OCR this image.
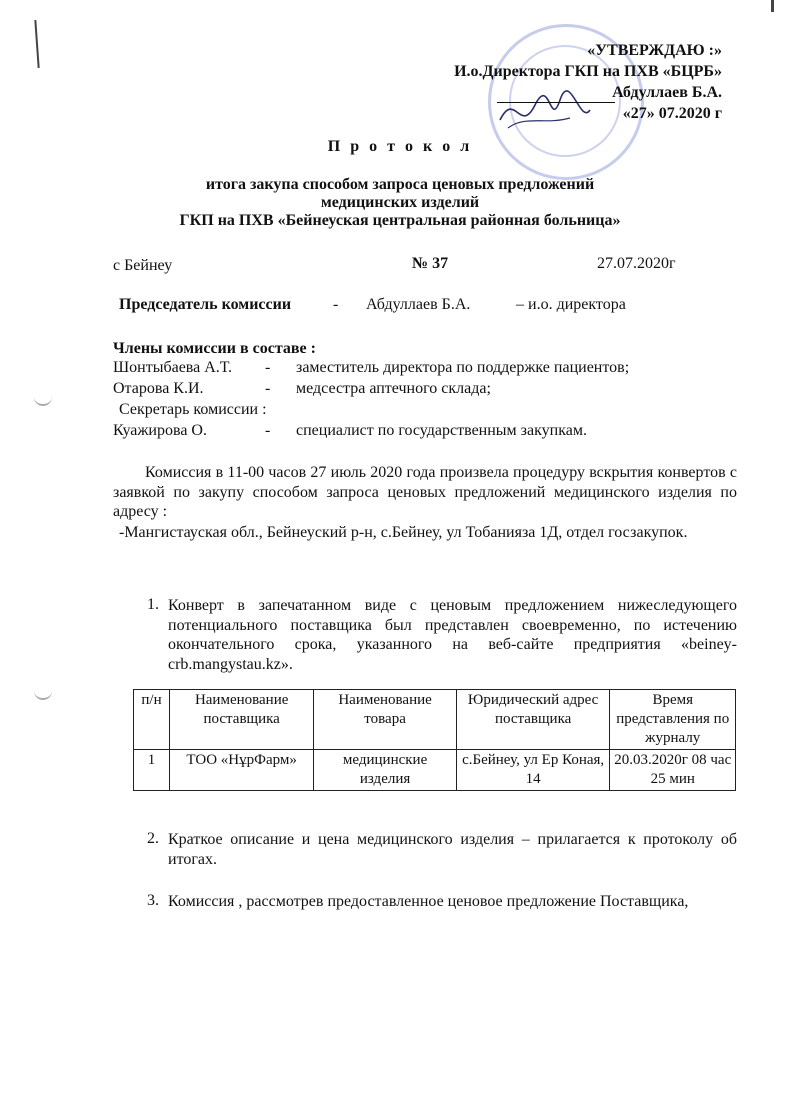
«УТВЕРЖДАЮ :»
И.о.Директора ГКП на ПХВ «БЦРБ»
Абдуллаев Б.А.
«27» 07.2020 г
П р о т о к о л
итога закупа способом запроса ценовых предложений
медицинских изделий
ГКП на ПХВ «Бейнеуская центральная районная больница»
с Бейнеу	№ 37	27.07.2020г
Председатель комиссии	- Абдуллаев Б.А.	– и.о. директора
Члены комиссии в составе :
Шонтыбаева А.Т. - заместитель директора по поддержке пациентов;
Отарова К.И.	- медсестра аптечного склада;
Секретарь комиссии :
Куажирова О.	- специалист по государственным закупкам.
Комиссия в 11-00 часов 27 июль 2020 года произвела процедуру вскрытия конвертов с заявкой по закупу способом запроса ценовых предложений медицинского изделия по адресу :
-Мангистауская обл., Бейнеуский р-н, с.Бейнеу, ул Тобанияза 1Д, отдел госзакупок.
1. Конверт в запечатанном виде с ценовым предложением нижеследующего потенциального поставщика был представлен своевременно, по истечению окончательного срока, указанного на веб-сайте предприятия «beiney-crb.mangystau.kz».
п/н	Наименование поставщика	Наименование товара	Юридический адрес поставщика	Время представления по журналу
1	ТОО «НұрФарм»	медицинские изделия	с.Бейнеу, ул Ер Коная, 14	20.03.2020г 08 час 25 мин
2. Краткое описание и цена медицинского изделия – прилагается к протоколу об итогах.
3. Комиссия , рассмотрев предоставленное ценовое предложение Поставщика,
